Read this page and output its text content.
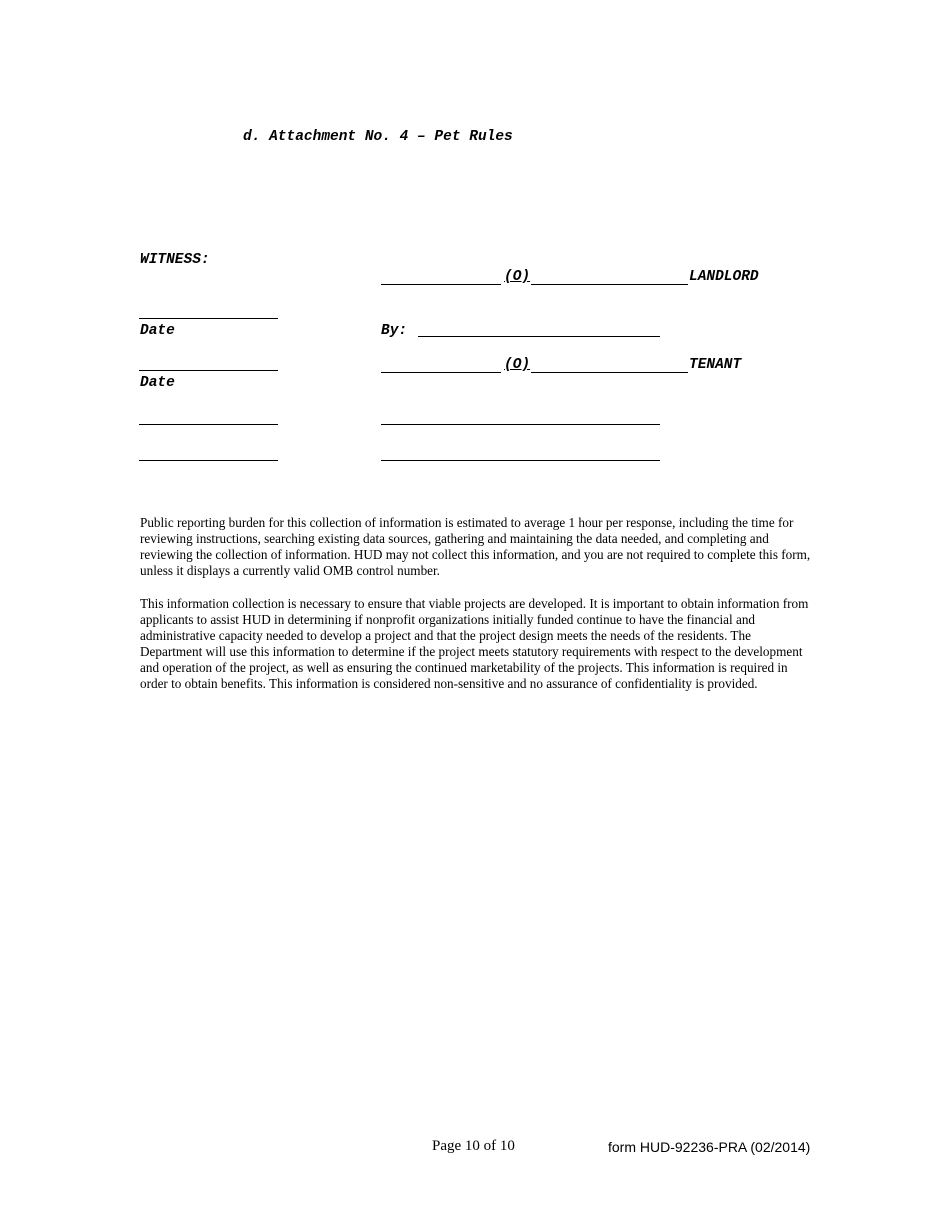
d. Attachment No. 4 – Pet Rules
WITNESS:
(O)	LANDLORD
Date	By:
(O)	TENANT
Date
Public reporting burden for this collection of information is estimated to average 1 hour per response, including the time for reviewing instructions, searching existing data sources, gathering and maintaining the data needed, and completing and reviewing the collection of information. HUD may not collect this information, and you are not required to complete this form, unless it displays a currently valid OMB control number.
This information collection is necessary to ensure that viable projects are developed. It is important to obtain information from applicants to assist HUD in determining if nonprofit organizations initially funded continue to have the financial and administrative capacity needed to develop a project and that the project design meets the needs of the residents. The Department will use this information to determine if the project meets statutory requirements with respect to the development and operation of the project, as well as ensuring the continued marketability of the projects. This information is required in order to obtain benefits. This information is considered non-sensitive and no assurance of confidentiality is provided.
Page 10 of 10	form HUD-92236-PRA (02/2014)
